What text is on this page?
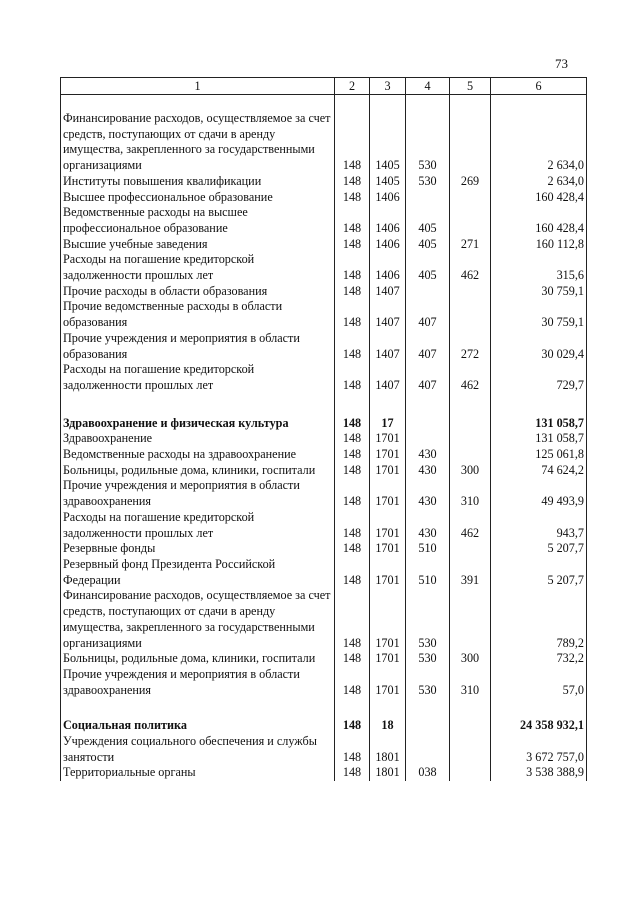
73
1	2	3	4	5	6

Финансирование расходов, осуществляемое за счет средств, поступающих от сдачи в аренду имущества, закрепленного за государственными организациями	148	1405	530		2 634,0
Институты повышения квалификации	148	1405	530	269	2 634,0
Высшее профессиональное образование	148	1406			160 428,4
Ведомственные расходы на высшее профессиональное образование	148	1406	405		160 428,4
Высшие учебные заведения	148	1406	405	271	160 112,8
Расходы на погашение кредиторской задолженности прошлых лет	148	1406	405	462	315,6
Прочие расходы в области образования	148	1407			30 759,1
Прочие ведомственные расходы в области образования	148	1407	407		30 759,1
Прочие учреждения и мероприятия в области образования	148	1407	407	272	30 029,4
Расходы на погашение кредиторской задолженности прошлых лет	148	1407	407	462	729,7

Здравоохранение и физическая культура	148	17			131 058,7
Здравоохранение	148	1701			131 058,7
Ведомственные расходы на здравоохранение	148	1701	430		125 061,8
Больницы, родильные дома, клиники, госпитали	148	1701	430	300	74 624,2
Прочие учреждения и мероприятия в области здравоохранения	148	1701	430	310	49 493,9
Расходы на погашение кредиторской задолженности прошлых лет	148	1701	430	462	943,7
Резервные фонды	148	1701	510		5 207,7
Резервный фонд Президента Российской Федерации	148	1701	510	391	5 207,7
Финансирование расходов, осуществляемое за счет средств, поступающих от сдачи в аренду имущества, закрепленного за государственными организациями	148	1701	530		789,2
Больницы, родильные дома, клиники, госпитали	148	1701	530	300	732,2
Прочие учреждения и мероприятия в области здравоохранения	148	1701	530	310	57,0

Социальная политика	148	18			24 358 932,1
Учреждения социального обеспечения и службы занятости	148	1801			3 672 757,0
Территориальные органы	148	1801	038		3 538 388,9
